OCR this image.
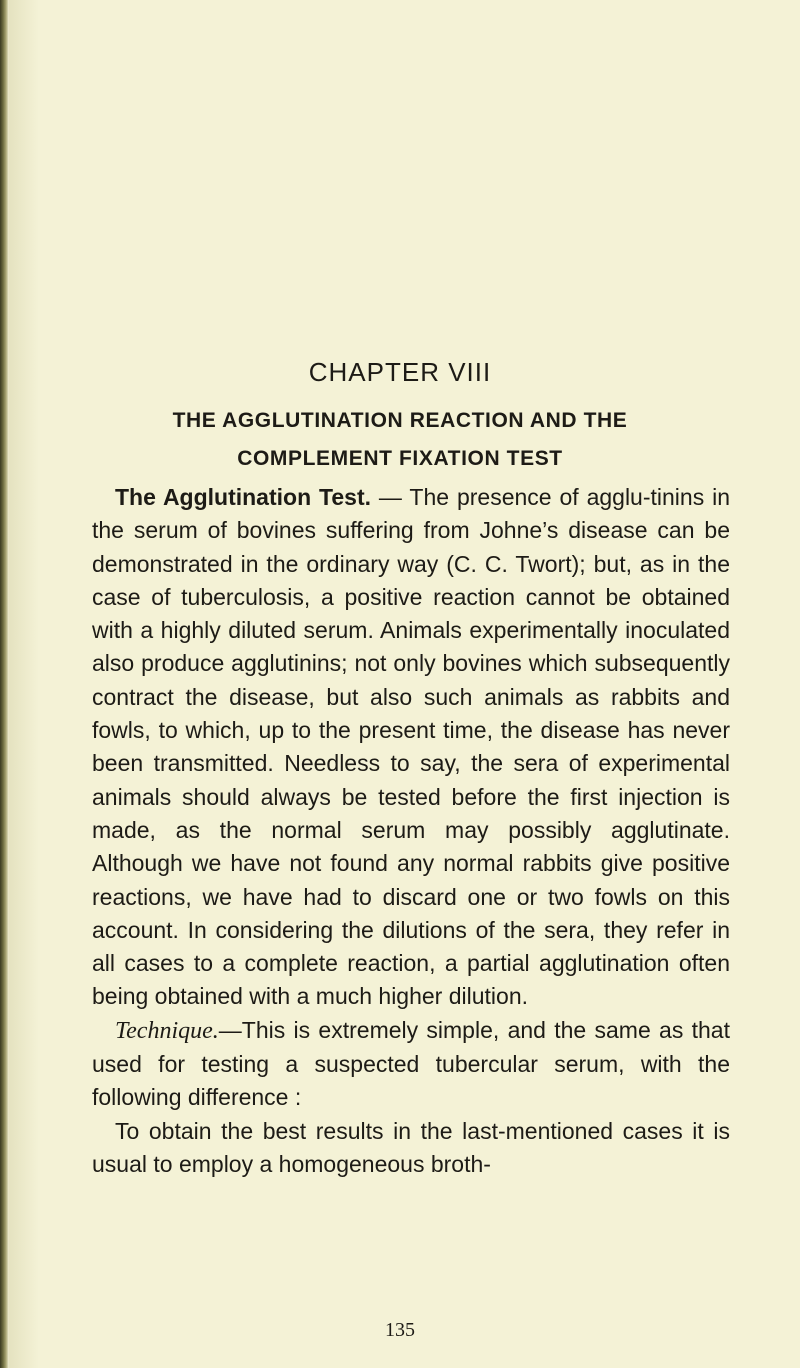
CHAPTER VIII
THE AGGLUTINATION REACTION AND THE
COMPLEMENT FIXATION TEST

The Agglutination Test. — The presence of agglu-tinins in the serum of bovines suffering from Johne’s disease can be demonstrated in the ordinary way (C. C. Twort); but, as in the case of tuberculosis, a positive reaction cannot be obtained with a highly diluted serum. Animals experimentally inoculated also produce agglutinins; not only bovines which subsequently contract the disease, but also such animals as rabbits and fowls, to which, up to the present time, the disease has never been transmitted. Needless to say, the sera of experimental animals should always be tested before the first injection is made, as the normal serum may possibly agglutinate. Although we have not found any normal rabbits give positive reactions, we have had to discard one or two fowls on this account. In considering the dilutions of the sera, they refer in all cases to a complete reaction, a partial agglutination often being obtained with a much higher dilution.

Technique.—This is extremely simple, and the same as that used for testing a suspected tubercular serum, with the following difference :

To obtain the best results in the last-mentioned cases it is usual to employ a homogeneous broth-

135
